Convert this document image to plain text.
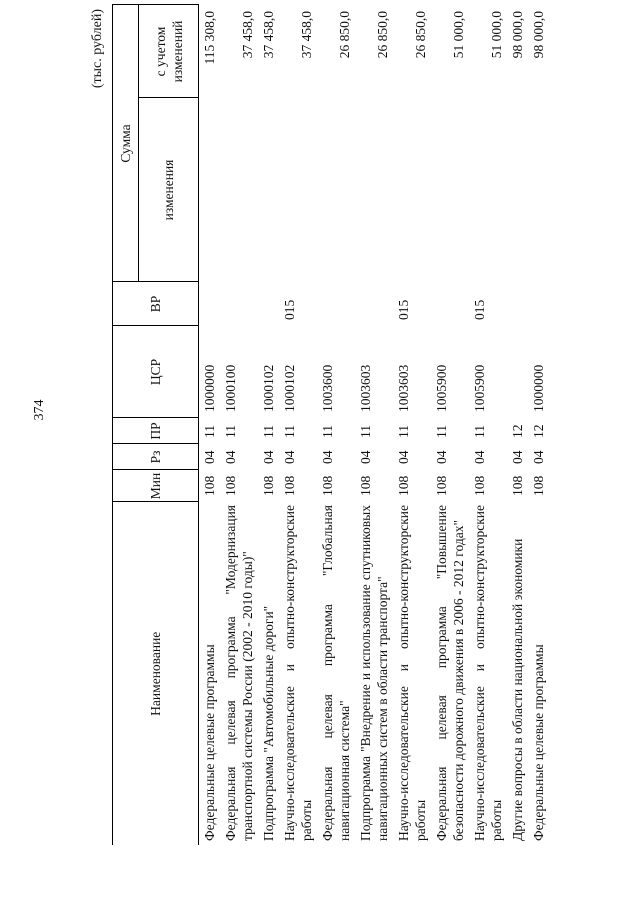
374
(тыс. рублей)
Наименование	Мин	Рз	ПР	ЦСР	ВР	Сумма	
						изменения	с учетом изменений
Федеральные целевые программы	108	04	11	1000000			115 308,0
Федеральная целевая программа "Модернизация транспортной системы России (2002 - 2010 годы)"	108	04	11	1000100			37 458,0
Подпрограмма "Автомобильные дороги"	108	04	11	1000102			37 458,0
Научно-исследовательские и опытно-конструкторские работы	108	04	11	1000102	015		37 458,0
Федеральная целевая программа "Глобальная навигационная система"	108	04	11	1003600			26 850,0
Подпрограмма "Внедрение и использование спутниковых навигационных систем в области транспорта"	108	04	11	1003603			26 850,0
Научно-исследовательские и опытно-конструкторские работы	108	04	11	1003603	015		26 850,0
Федеральная целевая программа "Повышение безопасности дорожного движения в 2006 - 2012 годах"	108	04	11	1005900			51 000,0
Научно-исследовательские и опытно-конструкторские работы	108	04	11	1005900	015		51 000,0
Другие вопросы в области национальной экономики	108	04	12				98 000,0
Федеральные целевые программы	108	04	12	1000000			98 000,0
